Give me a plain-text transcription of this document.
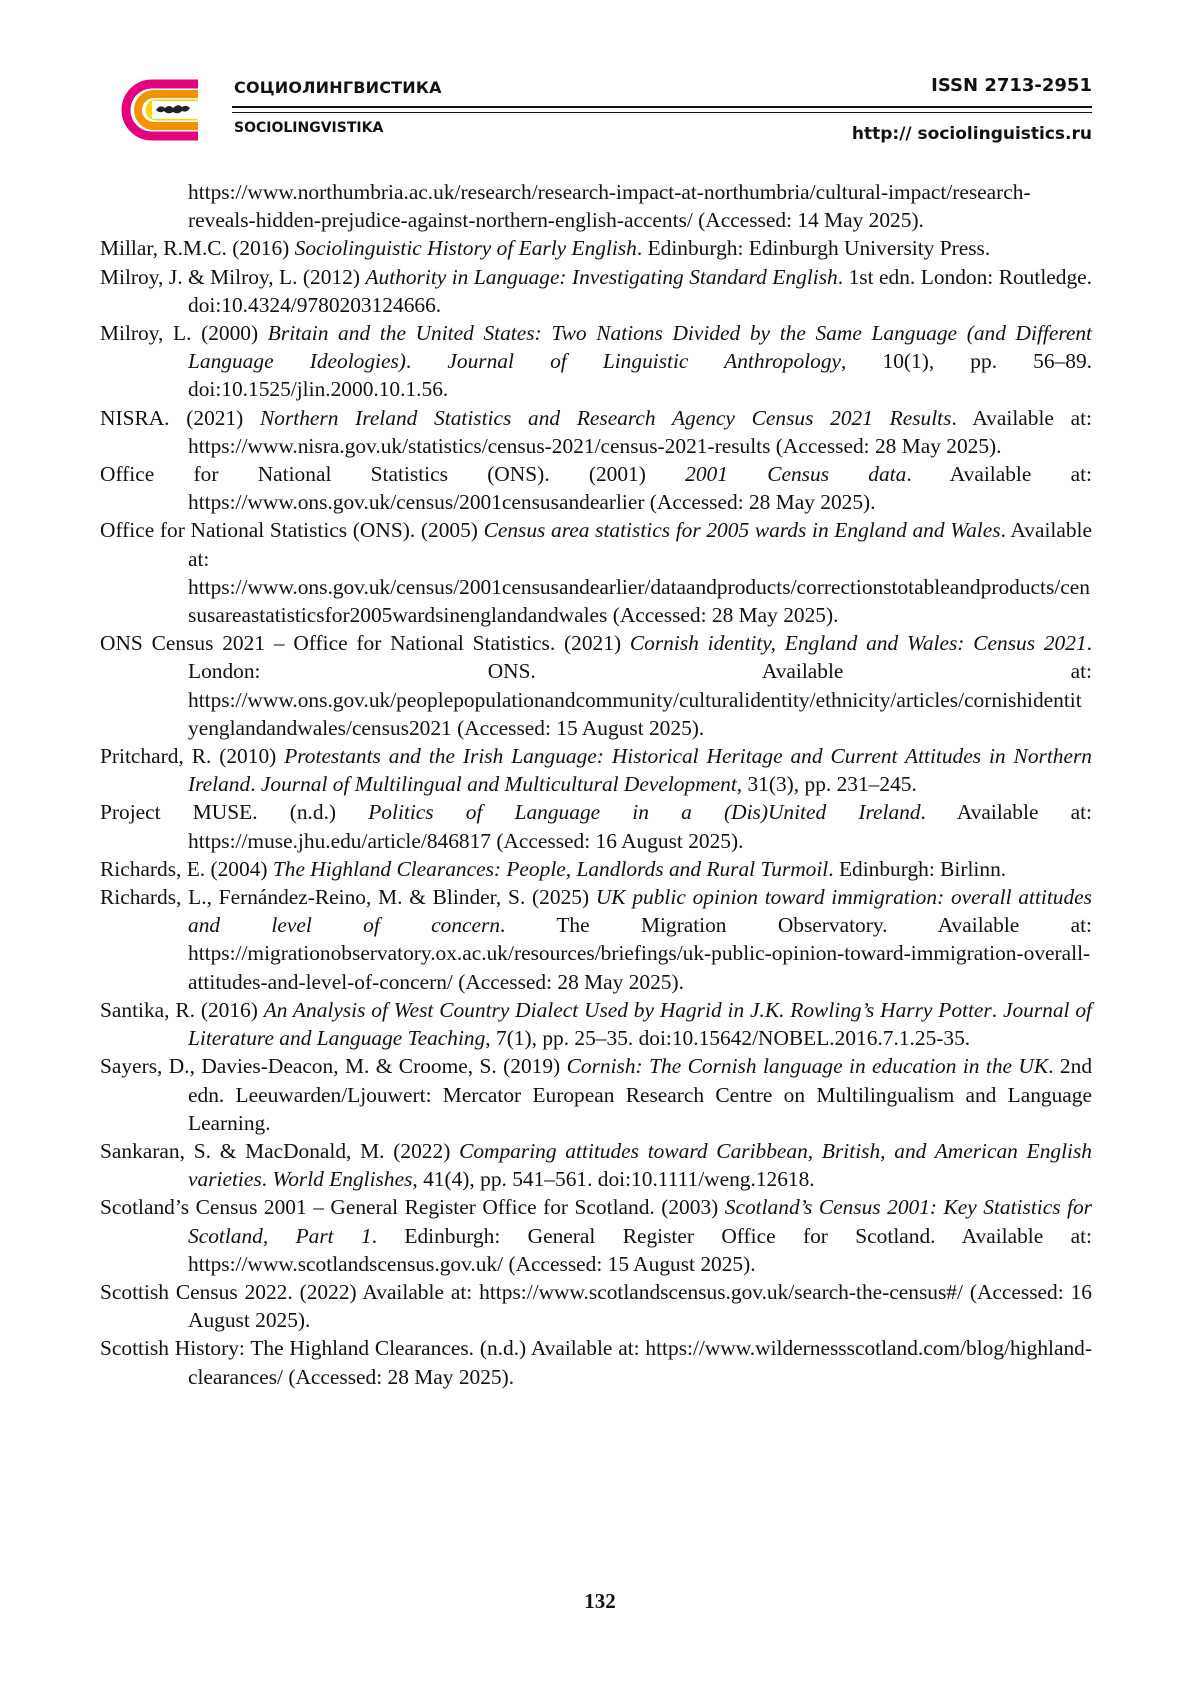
СОЦИОЛИНГВИСТИКА
SOCIOLINGVISTIKA
ISSN 2713-2951
http:// sociolinguistics.ru
https://www.northumbria.ac.uk/research/research-impact-at-northumbria/cultural-impact/research-reveals-hidden-prejudice-against-northern-english-accents/ (Accessed: 14 May 2025).
Millar, R.M.C. (2016) Sociolinguistic History of Early English. Edinburgh: Edinburgh University Press.
Milroy, J. & Milroy, L. (2012) Authority in Language: Investigating Standard English. 1st edn. London: Routledge. doi:10.4324/9780203124666.
Milroy, L. (2000) Britain and the United States: Two Nations Divided by the Same Language (and Different Language Ideologies). Journal of Linguistic Anthropology, 10(1), pp. 56–89. doi:10.1525/jlin.2000.10.1.56.
NISRA. (2021) Northern Ireland Statistics and Research Agency Census 2021 Results. Available at: https://www.nisra.gov.uk/statistics/census-2021/census-2021-results (Accessed: 28 May 2025).
Office for National Statistics (ONS). (2001) 2001 Census data. Available at: https://www.ons.gov.uk/census/2001censusandearlier (Accessed: 28 May 2025).
Office for National Statistics (ONS). (2005) Census area statistics for 2005 wards in England and Wales. Available at: https://www.ons.gov.uk/census/2001censusandearlier/dataandproducts/correctionstotableandproducts/censusareastatisticsfor2005wardsinenglandandwales (Accessed: 28 May 2025).
ONS Census 2021 – Office for National Statistics. (2021) Cornish identity, England and Wales: Census 2021. London: ONS. Available at: https://www.ons.gov.uk/peoplepopulationandcommunity/culturalidentity/ethnicity/articles/cornishidentityenglandandwales/census2021 (Accessed: 15 August 2025).
Pritchard, R. (2010) Protestants and the Irish Language: Historical Heritage and Current Attitudes in Northern Ireland. Journal of Multilingual and Multicultural Development, 31(3), pp. 231–245.
Project MUSE. (n.d.) Politics of Language in a (Dis)United Ireland. Available at: https://muse.jhu.edu/article/846817 (Accessed: 16 August 2025).
Richards, E. (2004) The Highland Clearances: People, Landlords and Rural Turmoil. Edinburgh: Birlinn.
Richards, L., Fernández-Reino, M. & Blinder, S. (2025) UK public opinion toward immigration: overall attitudes and level of concern. The Migration Observatory. Available at: https://migrationobservatory.ox.ac.uk/resources/briefings/uk-public-opinion-toward-immigration-overall-attitudes-and-level-of-concern/ (Accessed: 28 May 2025).
Santika, R. (2016) An Analysis of West Country Dialect Used by Hagrid in J.K. Rowling’s Harry Potter. Journal of Literature and Language Teaching, 7(1), pp. 25–35. doi:10.15642/NOBEL.2016.7.1.25-35.
Sayers, D., Davies-Deacon, M. & Croome, S. (2019) Cornish: The Cornish language in education in the UK. 2nd edn. Leeuwarden/Ljouwert: Mercator European Research Centre on Multilingualism and Language Learning.
Sankaran, S. & MacDonald, M. (2022) Comparing attitudes toward Caribbean, British, and American English varieties. World Englishes, 41(4), pp. 541–561. doi:10.1111/weng.12618.
Scotland’s Census 2001 – General Register Office for Scotland. (2003) Scotland’s Census 2001: Key Statistics for Scotland, Part 1. Edinburgh: General Register Office for Scotland. Available at: https://www.scotlandscensus.gov.uk/ (Accessed: 15 August 2025).
Scottish Census 2022. (2022) Available at: https://www.scotlandscensus.gov.uk/search-the-census#/ (Accessed: 16 August 2025).
Scottish History: The Highland Clearances. (n.d.) Available at: https://www.wildernessscotland.com/blog/highland-clearances/ (Accessed: 28 May 2025).
132
